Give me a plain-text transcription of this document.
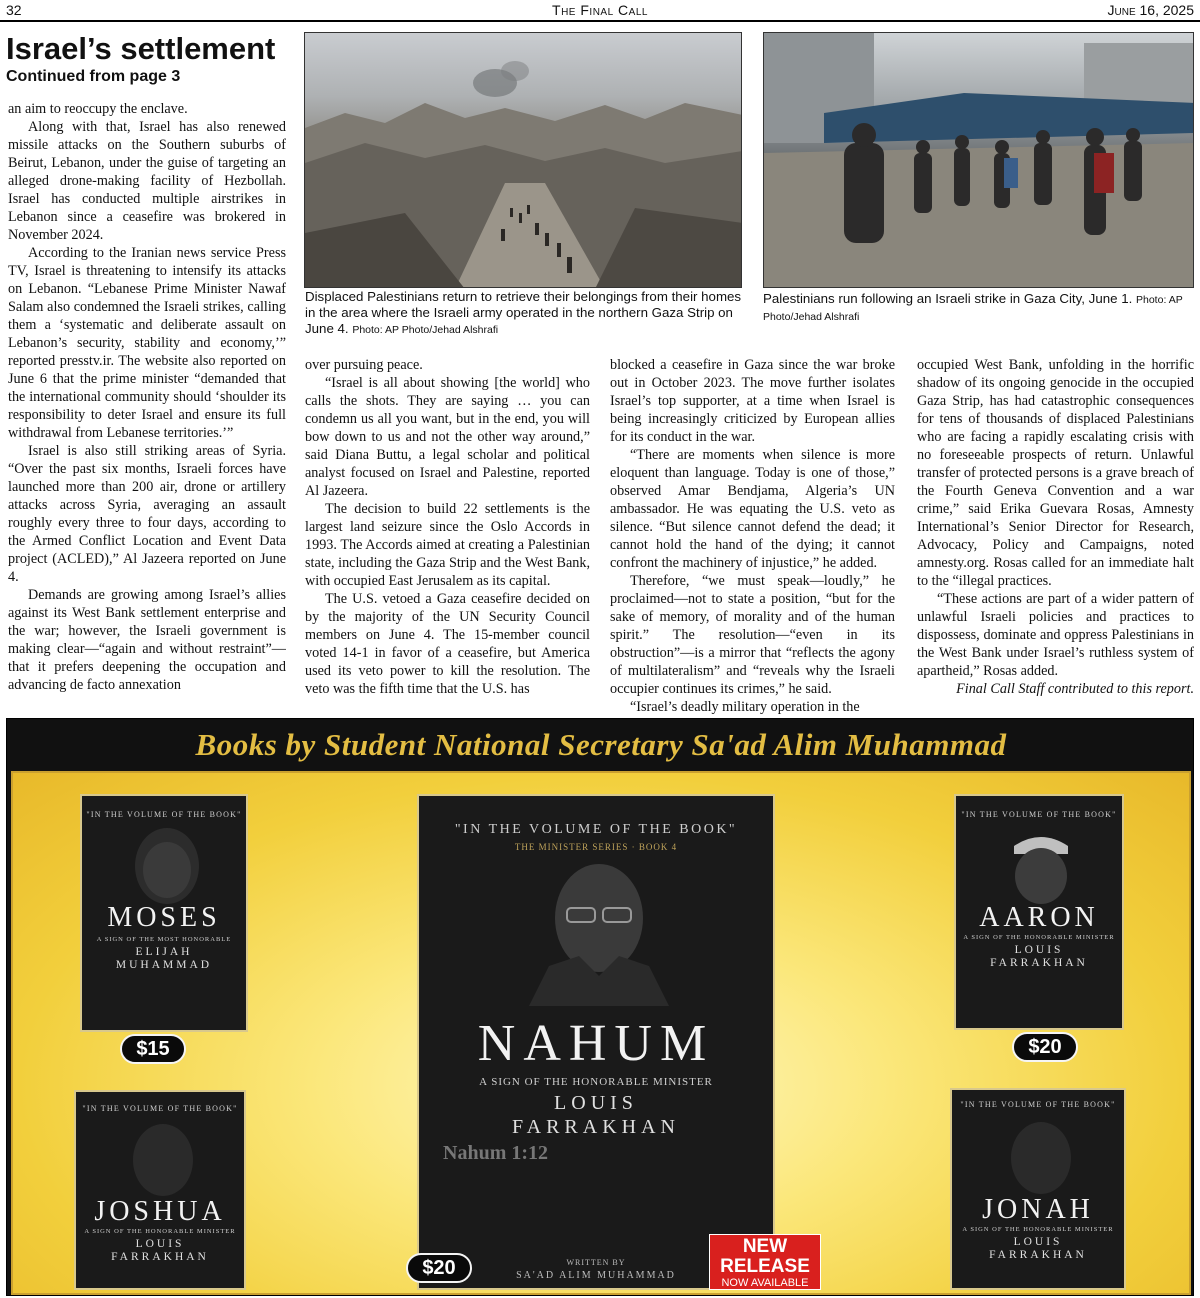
32	The Final Call	June 16, 2025
Israel’s settlement
Continued from page 3

an aim to reoccupy the enclave.

Along with that, Israel has also renewed missile attacks on the Southern suburbs of Beirut, Lebanon, under the guise of targeting an alleged drone-making facility of Hezbollah. Israel has conducted multiple airstrikes in Lebanon since a ceasefire was brokered in November 2024.

According to the Iranian news service Press TV, Israel is threatening to intensify its attacks on Lebanon. “Lebanese Prime Minister Nawaf Salam also condemned the Israeli strikes, calling them a ‘systematic and deliberate assault on Lebanon’s security, stability and economy,’” reported presstv.ir. The website also reported on June 6 that the prime minister “demanded that the international community should ‘shoulder its responsibility to deter Israel and ensure its full withdrawal from Lebanese territories.’”

Israel is also still striking areas of Syria. “Over the past six months, Israeli forces have launched more than 200 air, drone or artillery attacks across Syria, averaging an assault roughly every three to four days, according to the Armed Conflict Location and Event Data project (ACLED),” Al Jazeera reported on June 4.

Demands are growing among Israel’s allies against its West Bank settlement enterprise and the war; however, the Israeli government is making clear—“again and without restraint”—that it prefers deepening the occupation and advancing de facto annexation

Displaced Palestinians return to retrieve their belongings from their homes in the area where the Israeli army operated in the northern Gaza Strip on June 4. Photo: AP Photo/Jehad Alshrafi
Palestinians run following an Israeli strike in Gaza City, June 1. Photo: AP Photo/Jehad Alshrafi

over pursuing peace.

“Israel is all about showing [the world] who calls the shots. They are saying … you can condemn us all you want, but in the end, you will bow down to us and not the other way around,” said Diana Buttu, a legal scholar and political analyst focused on Israel and Palestine, reported Al Jazeera.

The decision to build 22 settlements is the largest land seizure since the Oslo Accords in 1993. The Accords aimed at creating a Palestinian state, including the Gaza Strip and the West Bank, with occupied East Jerusalem as its capital.

The U.S. vetoed a Gaza ceasefire decided on by the majority of the UN Security Council members on June 4. The 15-member council voted 14-1 in favor of a ceasefire, but America used its veto power to kill the resolution. The veto was the fifth time that the U.S. has

blocked a ceasefire in Gaza since the war broke out in October 2023. The move further isolates Israel’s top supporter, at a time when Israel is being increasingly criticized by European allies for its conduct in the war.

“There are moments when silence is more eloquent than language. Today is one of those,” observed Amar Bendjama, Algeria’s UN ambassador. He was equating the U.S. veto as silence. “But silence cannot defend the dead; it cannot hold the hand of the dying; it cannot confront the machinery of injustice,” he added.

Therefore, “we must speak—loudly,” he proclaimed—not to state a position, “but for the sake of memory, of morality and of the human spirit.” The resolution—“even in its obstruction”—is a mirror that “reflects the agony of multilateralism” and “reveals why the Israeli occupier continues its crimes,” he said.

“Israel’s deadly military operation in the

occupied West Bank, unfolding in the horrific shadow of its ongoing genocide in the occupied Gaza Strip, has had catastrophic consequences for tens of thousands of displaced Palestinians who are facing a rapidly escalating crisis with no foreseeable prospects of return. Unlawful transfer of protected persons is a grave breach of the Fourth Geneva Convention and a war crime,” said Erika Guevara Rosas, Amnesty International’s Senior Director for Research, Advocacy, Policy and Campaigns, noted amnesty.org. Rosas called for an immediate halt to the “illegal practices.

“These actions are part of a wider pattern of unlawful Israeli policies and practices to dispossess, dominate and oppress Palestinians in the West Bank under Israel’s ruthless system of apartheid,” Rosas added.

Final Call Staff contributed to this report.

Books by Student National Secretary Sa'ad Alim Muhammad
"IN THE VOLUME OF THE BOOK"
MOSES
A SIGN OF THE MOST HONORABLE
ELIJAH
MUHAMMAD
$15
"IN THE VOLUME OF THE BOOK"
JOSHUA
A SIGN OF THE HONORABLE MINISTER
LOUIS
FARRAKHAN
"IN THE VOLUME OF THE BOOK"
THE MINISTER SERIES · BOOK 4
NAHUM
A SIGN OF THE HONORABLE MINISTER
LOUIS
FARRAKHAN
Nahum 1:12
WRITTEN BY
SA'AD ALIM MUHAMMAD
$20
NEW
RELEASE
NOW AVAILABLE
"IN THE VOLUME OF THE BOOK"
AARON
A SIGN OF THE HONORABLE MINISTER
LOUIS
FARRAKHAN
$20
"IN THE VOLUME OF THE BOOK"
JONAH
A SIGN OF THE HONORABLE MINISTER
LOUIS
FARRAKHAN
